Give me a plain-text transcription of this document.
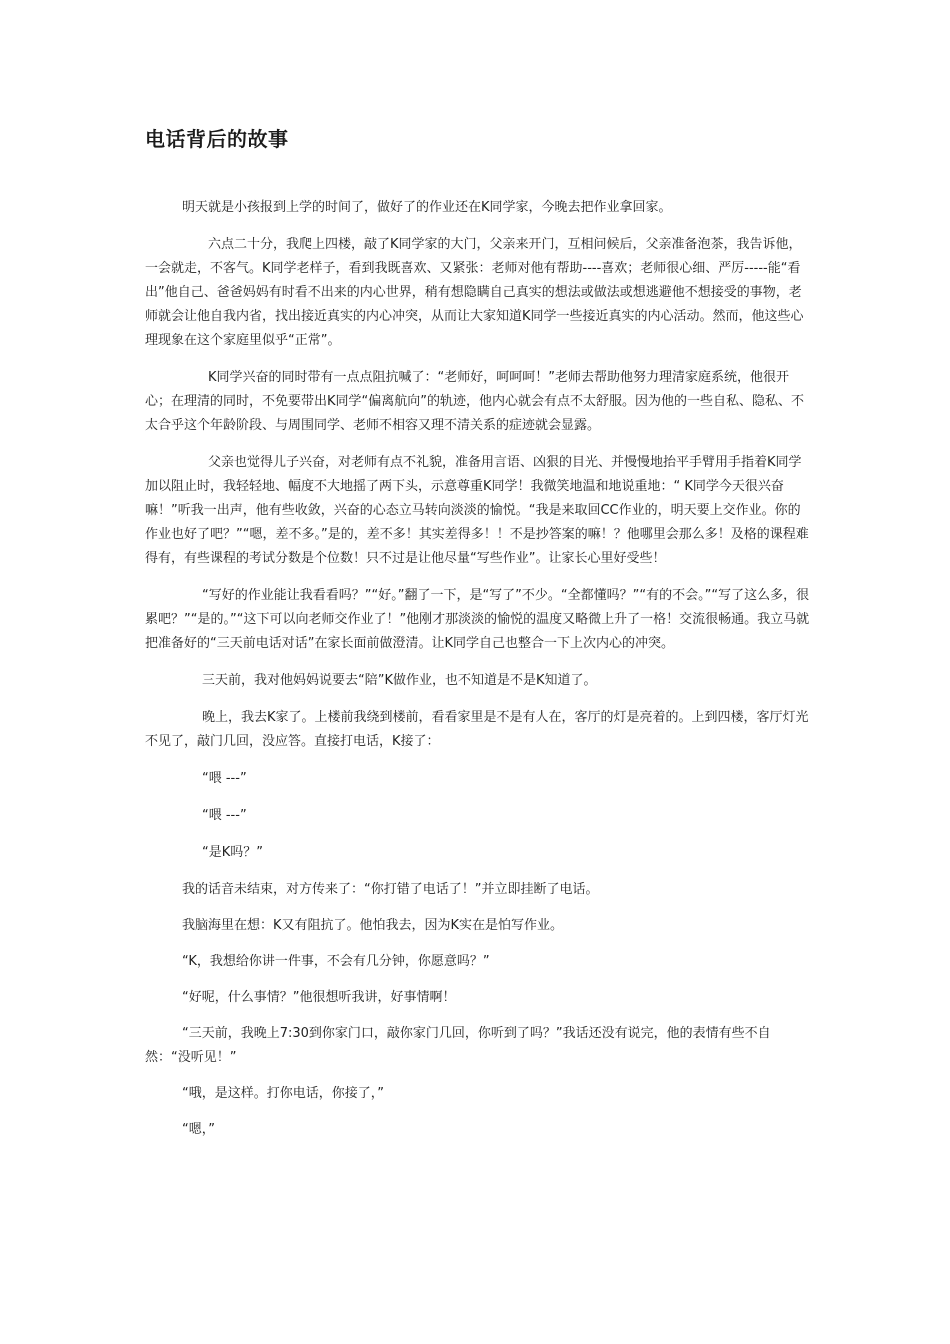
电话背后的故事

明天就是小孩报到上学的时间了，做好了的作业还在K同学家，今晚去把作业拿回家。

六点二十分，我爬上四楼，敲了K同学家的大门，父亲来开门，互相问候后，父亲准备泡茶，我告诉他，一会就走，不客气。K同学老样子，看到我既喜欢、又紧张：老师对他有帮助----喜欢；老师很心细、严厉-----能“看出”他自己、爸爸妈妈有时看不出来的内心世界，稍有想隐瞒自己真实的想法或做法或想逃避他不想接受的事物，老师就会让他自我内省，找出接近真实的内心冲突，从而让大家知道K同学一些接近真实的内心活动。然而，他这些心理现象在这个家庭里似乎“正常”。

K同学兴奋的同时带有一点点阻抗喊了：“老师好，呵呵呵！”老师去帮助他努力理清家庭系统，他很开心；在理清的同时，不免要带出K同学“偏离航向”的轨迹，他内心就会有点不太舒服。因为他的一些自私、隐私、不太合乎这个年龄阶段、与周围同学、老师不相容又理不清关系的症迹就会显露。

父亲也觉得儿子兴奋，对老师有点不礼貌，准备用言语、凶狠的目光、并慢慢地抬平手臂用手指着K同学加以阻止时，我轻轻地、幅度不大地摇了两下头，示意尊重K同学！我微笑地温和地说重地：“ K同学今天很兴奋嘛！”听我一出声，他有些收敛，兴奋的心态立马转向淡淡的愉悦。“我是来取回CC作业的，明天要上交作业。你的作业也好了吧？”“嗯，差不多。”是的，差不多！其实差得多！！不是抄答案的嘛！？他哪里会那么多！及格的课程难得有，有些课程的考试分数是个位数！只不过是让他尽量“写些作业”。让家长心里好受些！

“写好的作业能让我看看吗？”“好。”翻了一下，是“写了”不少。“全都懂吗？”“有的不会。”“写了这么多，很累吧？”“是的。”“这下可以向老师交作业了！”他刚才那淡淡的愉悦的温度又略微上升了一格！交流很畅通。我立马就把准备好的“三天前电话对话”在家长面前做澄清。让K同学自己也整合一下上次内心的冲突。

三天前，我对他妈妈说要去“陪”K做作业，也不知道是不是K知道了。

晚上，我去K家了。上楼前我绕到楼前，看看家里是不是有人在，客厅的灯是亮着的。上到四楼，客厅灯光不见了，敲门几回，没应答。直接打电话，K接了：

“喂 ---”

“喂 ---”

“是K吗？”

我的话音未结束，对方传来了：“你打错了电话了！”并立即挂断了电话。

我脑海里在想：K又有阻抗了。他怕我去，因为K实在是怕写作业。

“K，我想给你讲一件事，不会有几分钟，你愿意吗？”

“好呢，什么事情？”他很想听我讲，好事情啊！

“三天前，我晚上7:30到你家门口，敲你家门几回，你听到了吗？”我话还没有说完，他的表情有些不自然：“没听见！”

“哦，是这样。打你电话，你接了，”

“嗯，”
